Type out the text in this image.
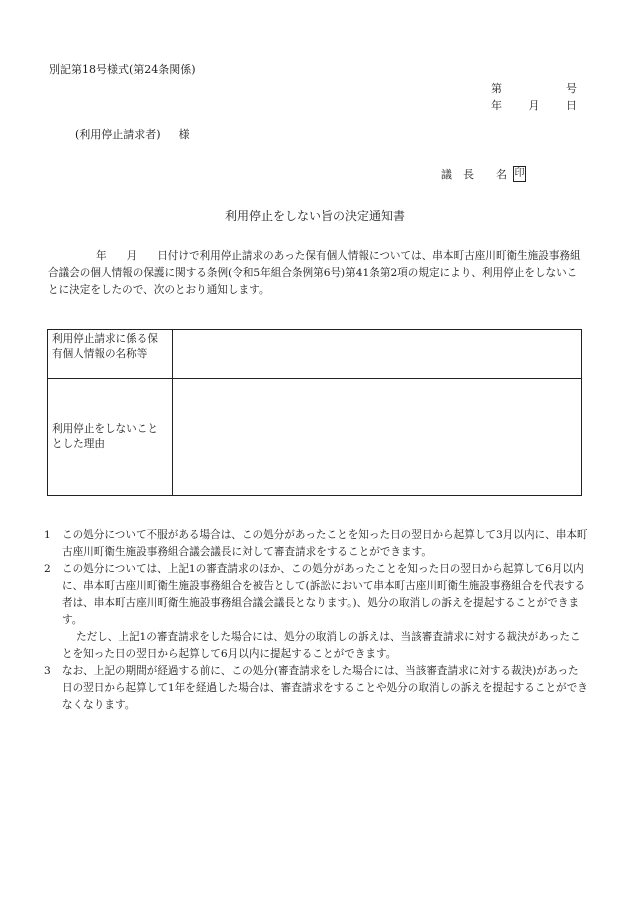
別記第18号様式(第24条関係)
第	号
年 月 日
(利用停止請求者) 様
議　長 名 印
利用停止をしない旨の決定通知書
年 月 日付けで利用停止請求のあった保有個人情報については、串本町古座川町衛生施設事務組合議会の個人情報の保護に関する条例(令和5年組合条例第6号)第41条第2項の規定により、利用停止をしないことに決定をしたので、次のとおり通知します。
利用停止請求に係る保有個人情報の名称等	
利用停止をしないこととした理由	
1	この処分について不服がある場合は、この処分があったことを知った日の翌日から起算して3月以内に、串本町古座川町衛生施設事務組合議会議長に対して審査請求をすることができます。
2	この処分については、上記1の審査請求のほか、この処分があったことを知った日の翌日から起算して6月以内に、串本町古座川町衛生施設事務組合を被告として(訴訟において串本町古座川町衛生施設事務組合を代表する者は、串本町古座川町衛生施設事務組合議会議長となります。)、処分の取消しの訴えを提起することができます。
ただし、上記1の審査請求をした場合には、処分の取消しの訴えは、当該審査請求に対する裁決があったことを知った日の翌日から起算して6月以内に提起することができます。
3	なお、上記の期間が経過する前に、この処分(審査請求をした場合には、当該審査請求に対する裁決)があった日の翌日から起算して1年を経過した場合は、審査請求をすることや処分の取消しの訴えを提起することができなくなります。
